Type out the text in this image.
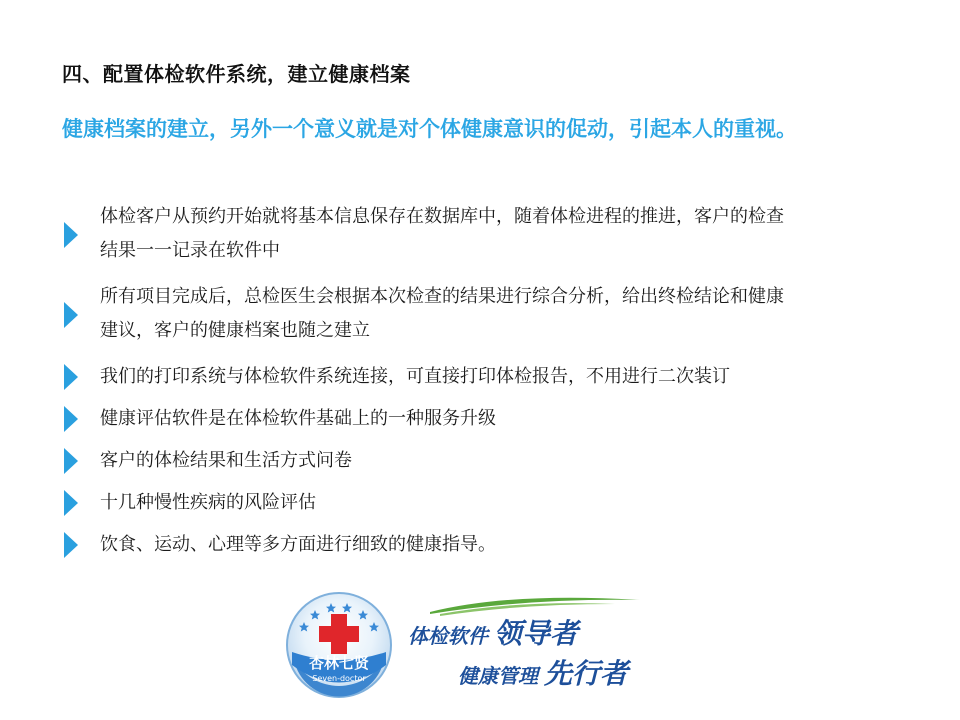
四、配置体检软件系统，建立健康档案
健康档案的建立，另外一个意义就是对个体健康意识的促动，引起本人的重视。
体检客户从预约开始就将基本信息保存在数据库中，随着体检进程的推进，客户的检查
结果一一记录在软件中
所有项目完成后，总检医生会根据本次检查的结果进行综合分析，给出终检结论和健康
建议，客户的健康档案也随之建立
我们的打印系统与体检软件系统连接，可直接打印体检报告，不用进行二次装订
健康评估软件是在体检软件基础上的一种服务升级
客户的体检结果和生活方式问卷
十几种慢性疾病的风险评估
饮食、运动、心理等多方面进行细致的健康指导。
杏林七贤
Seven-doctor
体检软件 领导者
健康管理 先行者
